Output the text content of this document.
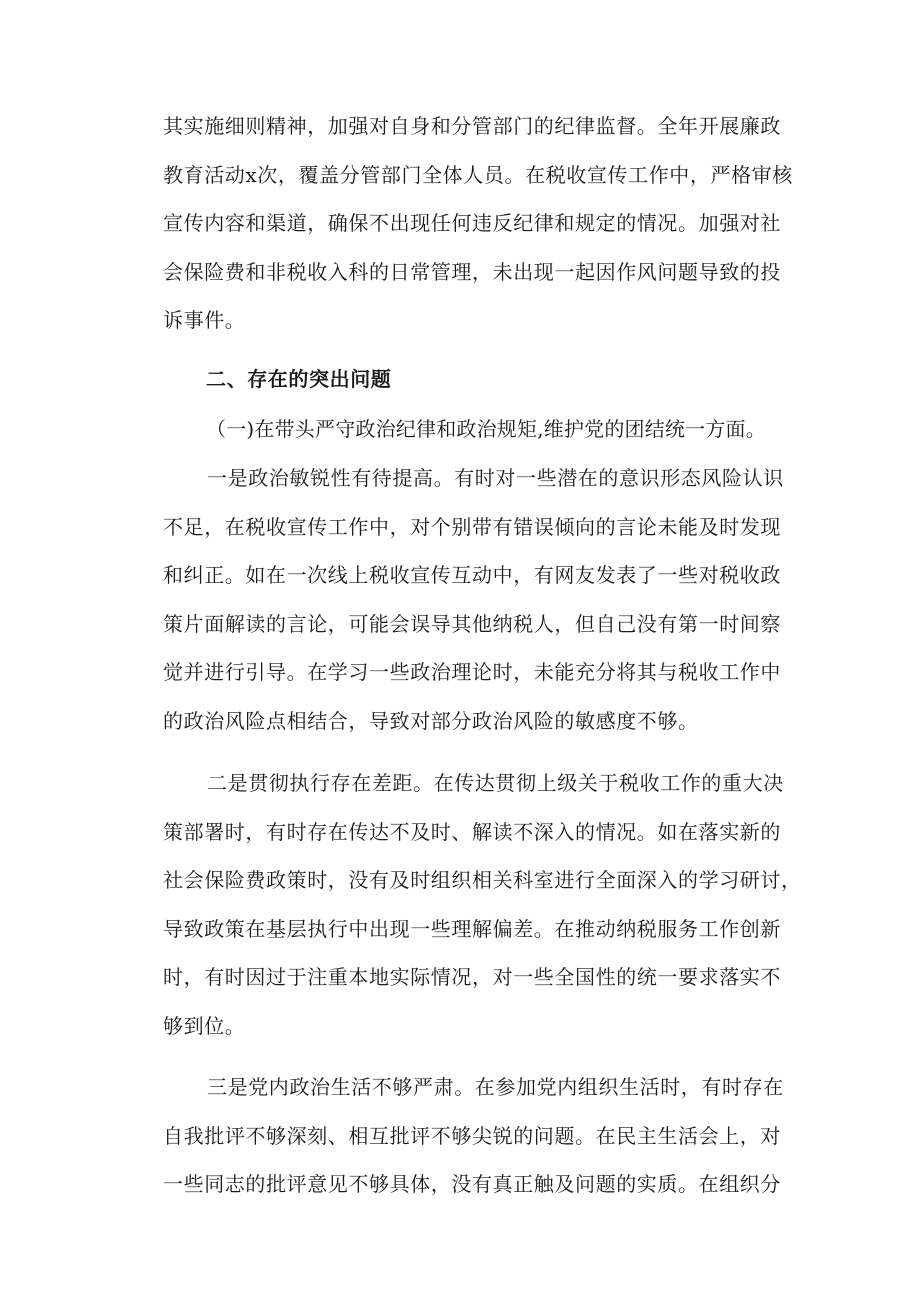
其实施细则精神，加强对自身和分管部门的纪律监督。全年开展廉政
教育活动x次，覆盖分管部门全体人员。在税收宣传工作中，严格审核
宣传内容和渠道，确保不出现任何违反纪律和规定的情况。加强对社
会保险费和非税收入科的日常管理，未出现一起因作风问题导致的投
诉事件。

二、存在的突出问题

（一)在带头严守政治纪律和政治规矩,维护党的团结统一方面。

一是政治敏锐性有待提高。有时对一些潜在的意识形态风险认识
不足，在税收宣传工作中，对个别带有错误倾向的言论未能及时发现
和纠正。如在一次线上税收宣传互动中，有网友发表了一些对税收政
策片面解读的言论，可能会误导其他纳税人，但自己没有第一时间察
觉并进行引导。在学习一些政治理论时，未能充分将其与税收工作中
的政治风险点相结合，导致对部分政治风险的敏感度不够。

二是贯彻执行存在差距。在传达贯彻上级关于税收工作的重大决
策部署时，有时存在传达不及时、解读不深入的情况。如在落实新的
社会保险费政策时，没有及时组织相关科室进行全面深入的学习研讨，
导致政策在基层执行中出现一些理解偏差。在推动纳税服务工作创新
时，有时因过于注重本地实际情况，对一些全国性的统一要求落实不
够到位。

三是党内政治生活不够严肃。在参加党内组织生活时，有时存在
自我批评不够深刻、相互批评不够尖锐的问题。在民主生活会上，对
一些同志的批评意见不够具体，没有真正触及问题的实质。在组织分
